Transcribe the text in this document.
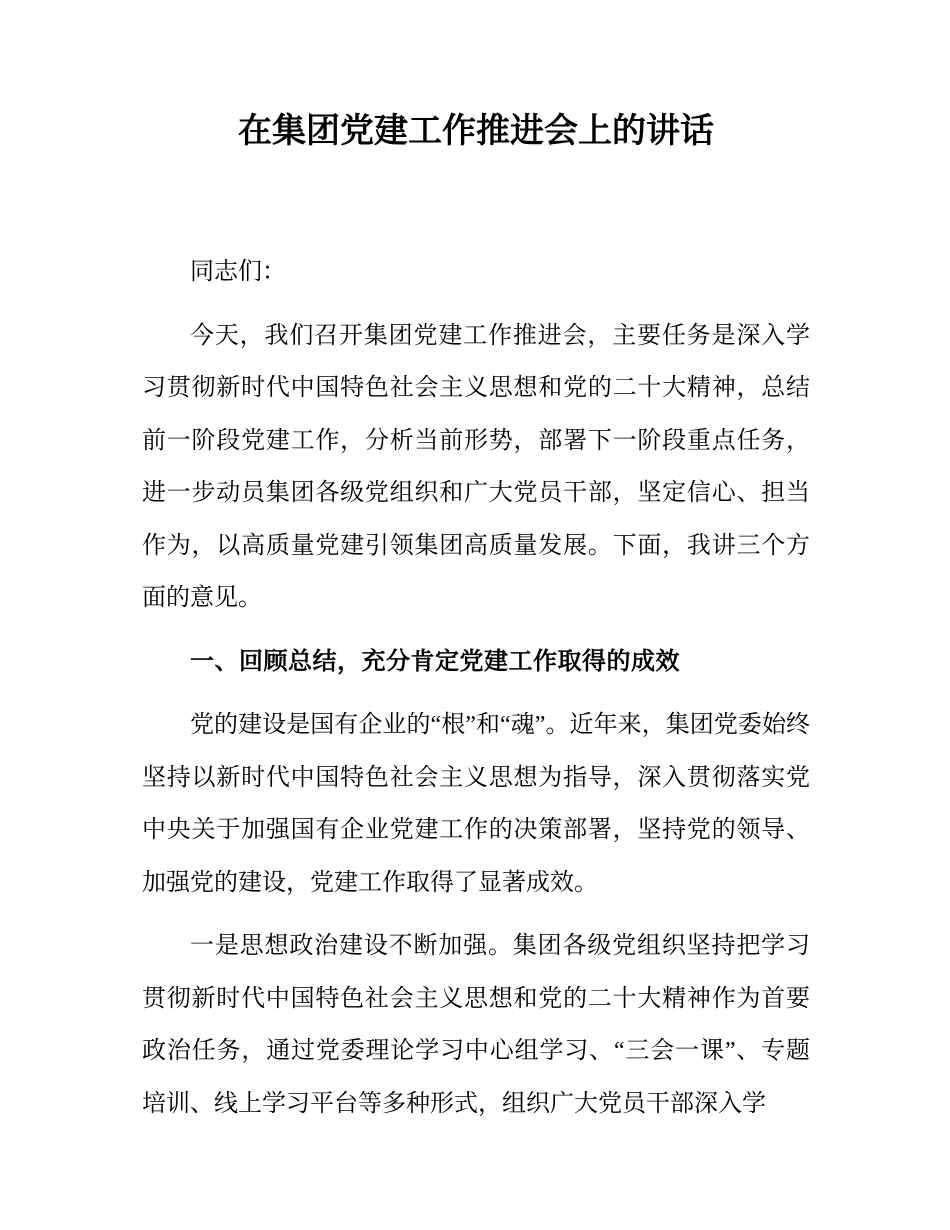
在集团党建工作推进会上的讲话

同志们：

今天，我们召开集团党建工作推进会，主要任务是深入学习贯彻新时代中国特色社会主义思想和党的二十大精神，总结前一阶段党建工作，分析当前形势，部署下一阶段重点任务，进一步动员集团各级党组织和广大党员干部，坚定信心、担当作为，以高质量党建引领集团高质量发展。下面，我讲三个方面的意见。

一、回顾总结，充分肯定党建工作取得的成效

党的建设是国有企业的“根”和“魂”。近年来，集团党委始终坚持以新时代中国特色社会主义思想为指导，深入贯彻落实党中央关于加强国有企业党建工作的决策部署，坚持党的领导、加强党的建设，党建工作取得了显著成效。

一是思想政治建设不断加强。集团各级党组织坚持把学习贯彻新时代中国特色社会主义思想和党的二十大精神作为首要政治任务，通过党委理论学习中心组学习、“三会一课”、专题培训、线上学习平台等多种形式，组织广大党员干部深入学
